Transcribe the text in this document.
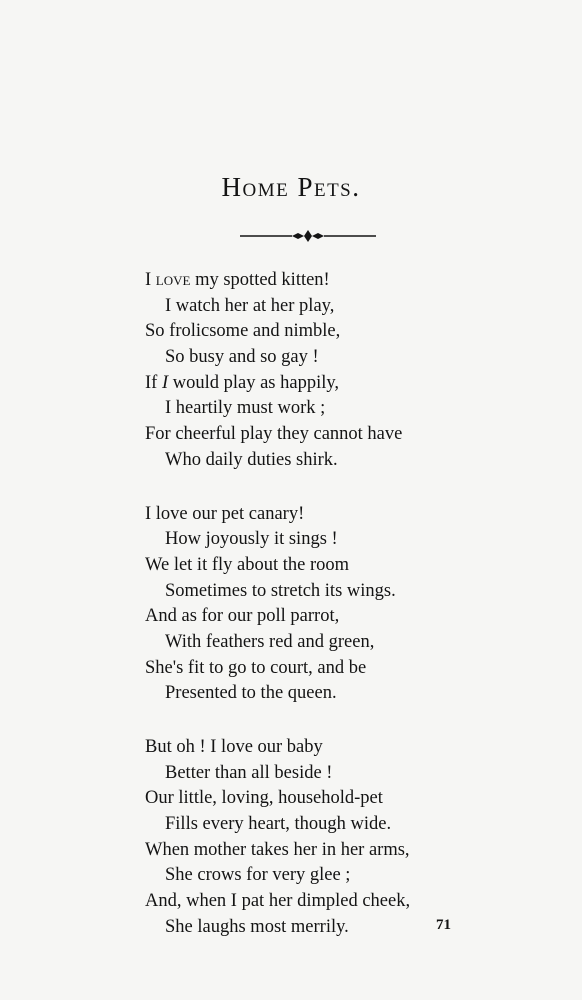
Home Pets.
I love my spotted kitten!
I watch her at her play,
So frolicsome and nimble,
So busy and so gay !
If I would play as happily,
I heartily must work ;
For cheerful play they cannot have
Who daily duties shirk.
I love our pet canary!
How joyously it sings !
We let it fly about the room
Sometimes to stretch its wings.
And as for our poll parrot,
With feathers red and green,
She's fit to go to court, and be
Presented to the queen.
But oh ! I love our baby
Better than all beside !
Our little, loving, household-pet
Fills every heart, though wide.
When mother takes her in her arms,
She crows for very glee ;
And, when I pat her dimpled cheek,
She laughs most merrily.	71
